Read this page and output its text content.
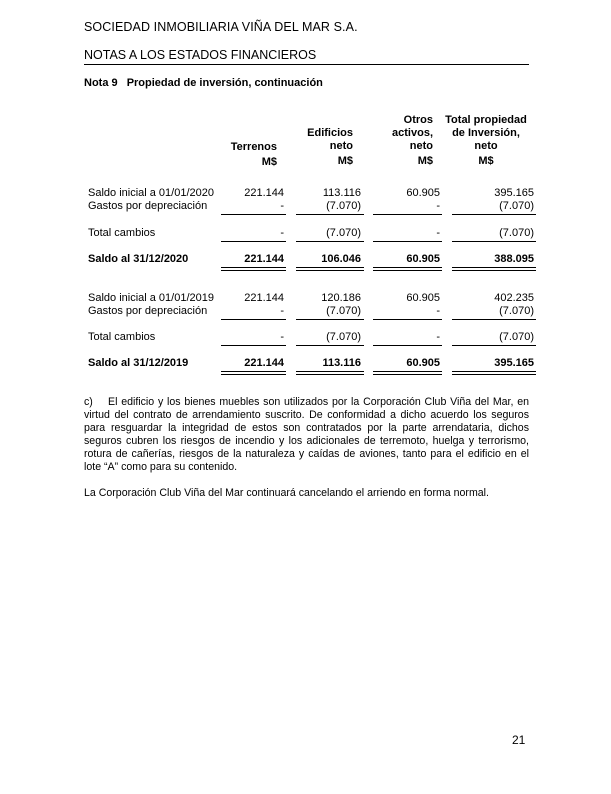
SOCIEDAD INMOBILIARIA VIÑA DEL MAR S.A.
NOTAS A LOS ESTADOS FINANCIEROS
Nota 9 Propiedad de inversión, continuación
Terrenos
M$
Edificios
neto
M$
Otros
activos,
neto
M$
Total propiedad
de Inversión,
neto
M$
Saldo inicial a 01/01/2020	221.144	113.116	60.905	395.165
Gastos por depreciación	-	(7.070)	-	(7.070)
Total cambios	-	(7.070)	-	(7.070)
Saldo al 31/12/2020	221.144	106.046	60.905	388.095
Saldo inicial a 01/01/2019	221.144	120.186	60.905	402.235
Gastos por depreciación	-	(7.070)	-	(7.070)
Total cambios	-	(7.070)	-	(7.070)
Saldo al 31/12/2019	221.144	113.116	60.905	395.165
c) El edificio y los bienes muebles son utilizados por la Corporación Club Viña del Mar, en virtud del contrato de arrendamiento suscrito. De conformidad a dicho acuerdo los seguros para resguardar la integridad de estos son contratados por la parte arrendataria, dichos seguros cubren los riesgos de incendio y los adicionales de terremoto, huelga y terrorismo, rotura de cañerías, riesgos de la naturaleza y caídas de aviones, tanto para el edificio en el lote “A” como para su contenido.
La Corporación Club Viña del Mar continuará cancelando el arriendo en forma normal.
21
